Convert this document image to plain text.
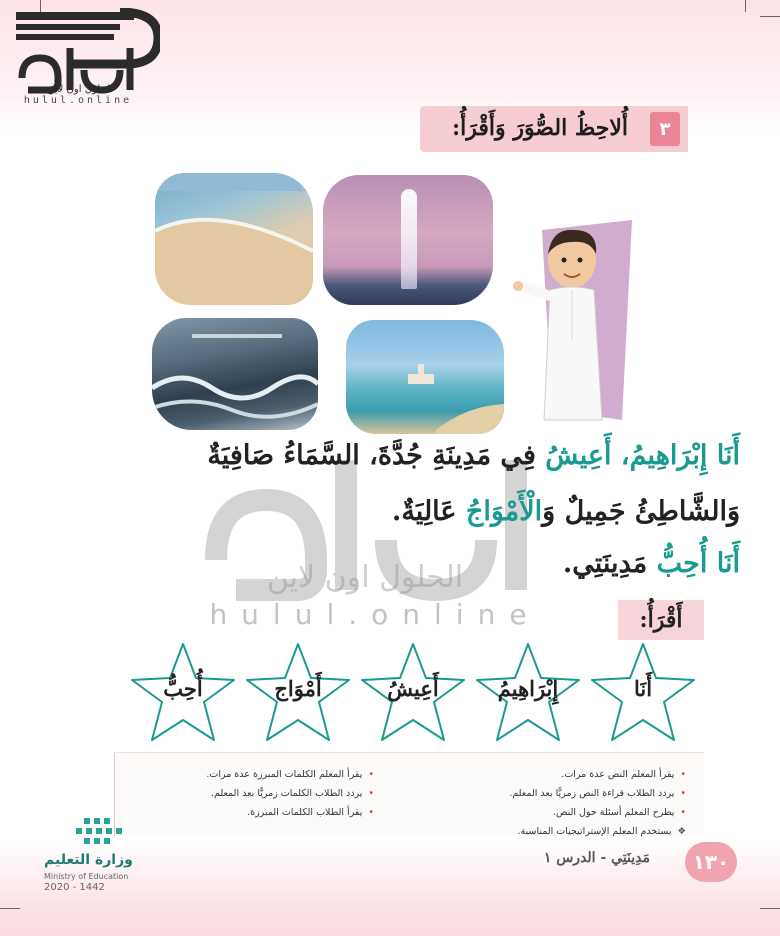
الحلول اون لاين
hulul.online
٣
أُلاحِظُ الصُّوَرَ وَأَقْرَأُ:
الحلول اون لاين
hulul.online
أَنَا إِبْرَاهِيمُ، أَعِيشُ فِي مَدِينَةِ جُدَّةَ، السَّمَاءُ صَافِيَةٌ
وَالشَّاطِئُ جَمِيلٌ وَالْأَمْوَاجُ عَالِيَةٌ.
أَنَا أُحِبُّ مَدِينَتِي.
أَقْرَأُ:
أَنَا
إِبْرَاهِيمُ
أَعِيشُ
أَمْوَاج
أُحِبُّ
• يقرأ المعلم النص عدة مرات.
• يردد الطلاب قراءة النص زمريًّا بعد المعلم.
• يطرح المعلم أسئلة حول النص.
❖ يستخدم المعلم الإستراتيجيات المناسبة.
• يقرأ المعلم الكلمات المبرزة عدة مرات.
• يردد الطلاب الكلمات زمريًّا بعد المعلم.
• يقرأ الطلاب الكلمات المبرزة.
وزارة التعليم
Ministry of Education
2020 - 1442
١٣٠
مَدِينَتِي - الدرس ١
